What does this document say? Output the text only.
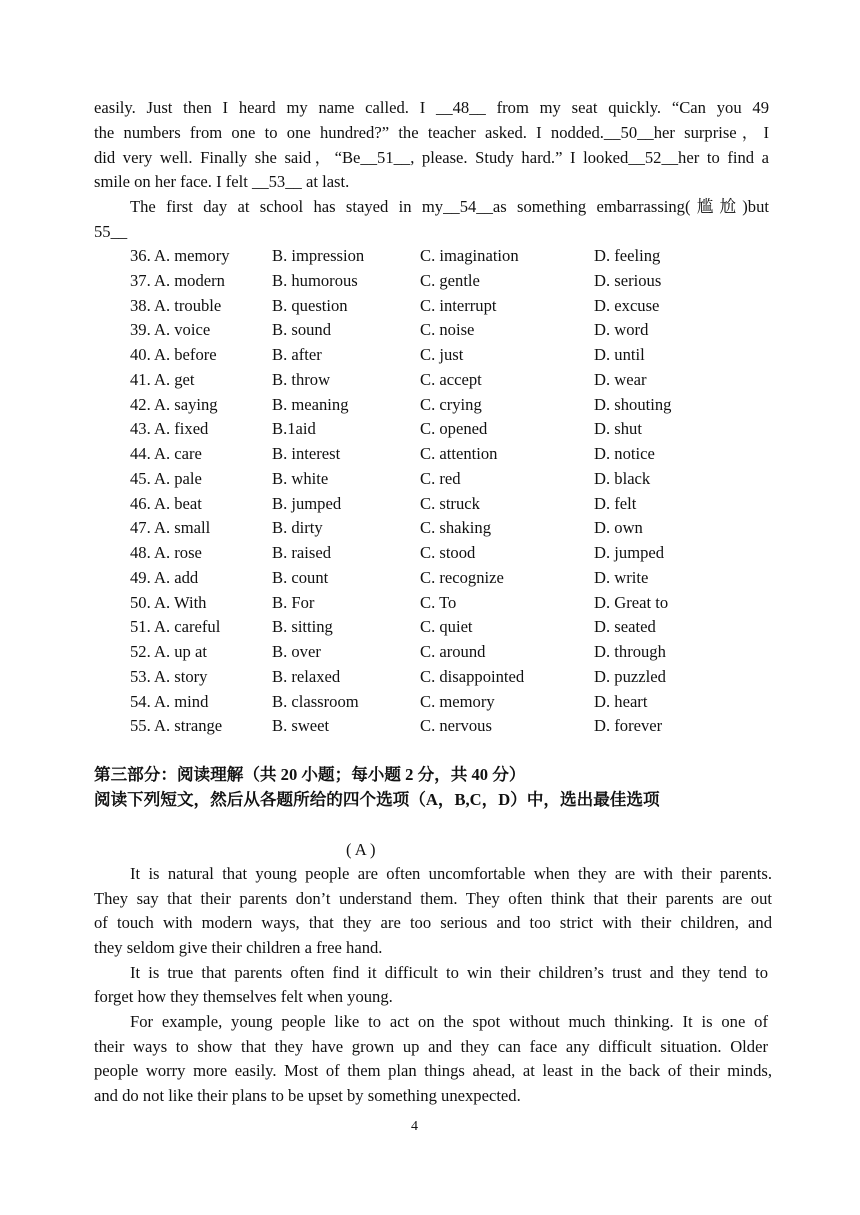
easily. Just then I heard my name called. I __48__ from my seat quickly. “Can you 49
the numbers from one to one hundred?” the teacher asked. I nodded.__50__her surprise，I
did very well. Finally she said，“Be__51__, please. Study hard.” I looked__52__her to find a
smile on her face. I felt __53__ at last.
The first day at school has stayed in my__54__as something embarrassing(尴尬)but
55__
36. A. memory	B. impression	C. imagination	D. feeling
37. A. modern	B. humorous	C. gentle	D. serious
38. A. trouble	B. question	C. interrupt	D. excuse
39. A. voice	B. sound	C. noise	D. word
40. A. before	B. after	C. just	D. until
41. A. get	B. throw	C. accept	D. wear
42. A. saying	B. meaning	C. crying	D. shouting
43. A. fixed	B.1aid	C. opened	D. shut
44. A. care	B. interest	C. attention	D. notice
45. A. pale	B. white	C. red	D. black
46. A. beat	B. jumped	C. struck	D. felt
47. A. small	B. dirty	C. shaking	D. own
48. A. rose	B. raised	C. stood	D. jumped
49. A. add	B. count	C. recognize	D. write
50. A. With	B. For	C. To	D. Great to
51. A. careful	B. sitting	C. quiet	D. seated
52. A. up at	B. over	C. around	D. through
53. A. story	B. relaxed	C. disappointed	D. puzzled
54. A. mind	B. classroom	C. memory	D. heart
55. A. strange	B. sweet	C. nervous	D. forever
第三部分：阅读理解（共 20 小题；每小题 2 分，共 40 分）
阅读下列短文，然后从各题所给的四个选项（A，B,C，D）中，选出最佳选项
( A )
It is natural that young people are often uncomfortable when they are with their parents.
They say that their parents don’t understand them. They often think that their parents are out
of touch with modern ways, that they are too serious and too strict with their children, and
they seldom give their children a free hand.
It is true that parents often find it difficult to win their children’s trust and they tend to
forget how they themselves felt when young.
For example, young people like to act on the spot without much thinking. It is one of
their ways to show that they have grown up and they can face any difficult situation. Older
people worry more easily. Most of them plan things ahead, at least in the back of their minds,
and do not like their plans to be upset by something unexpected.
4
